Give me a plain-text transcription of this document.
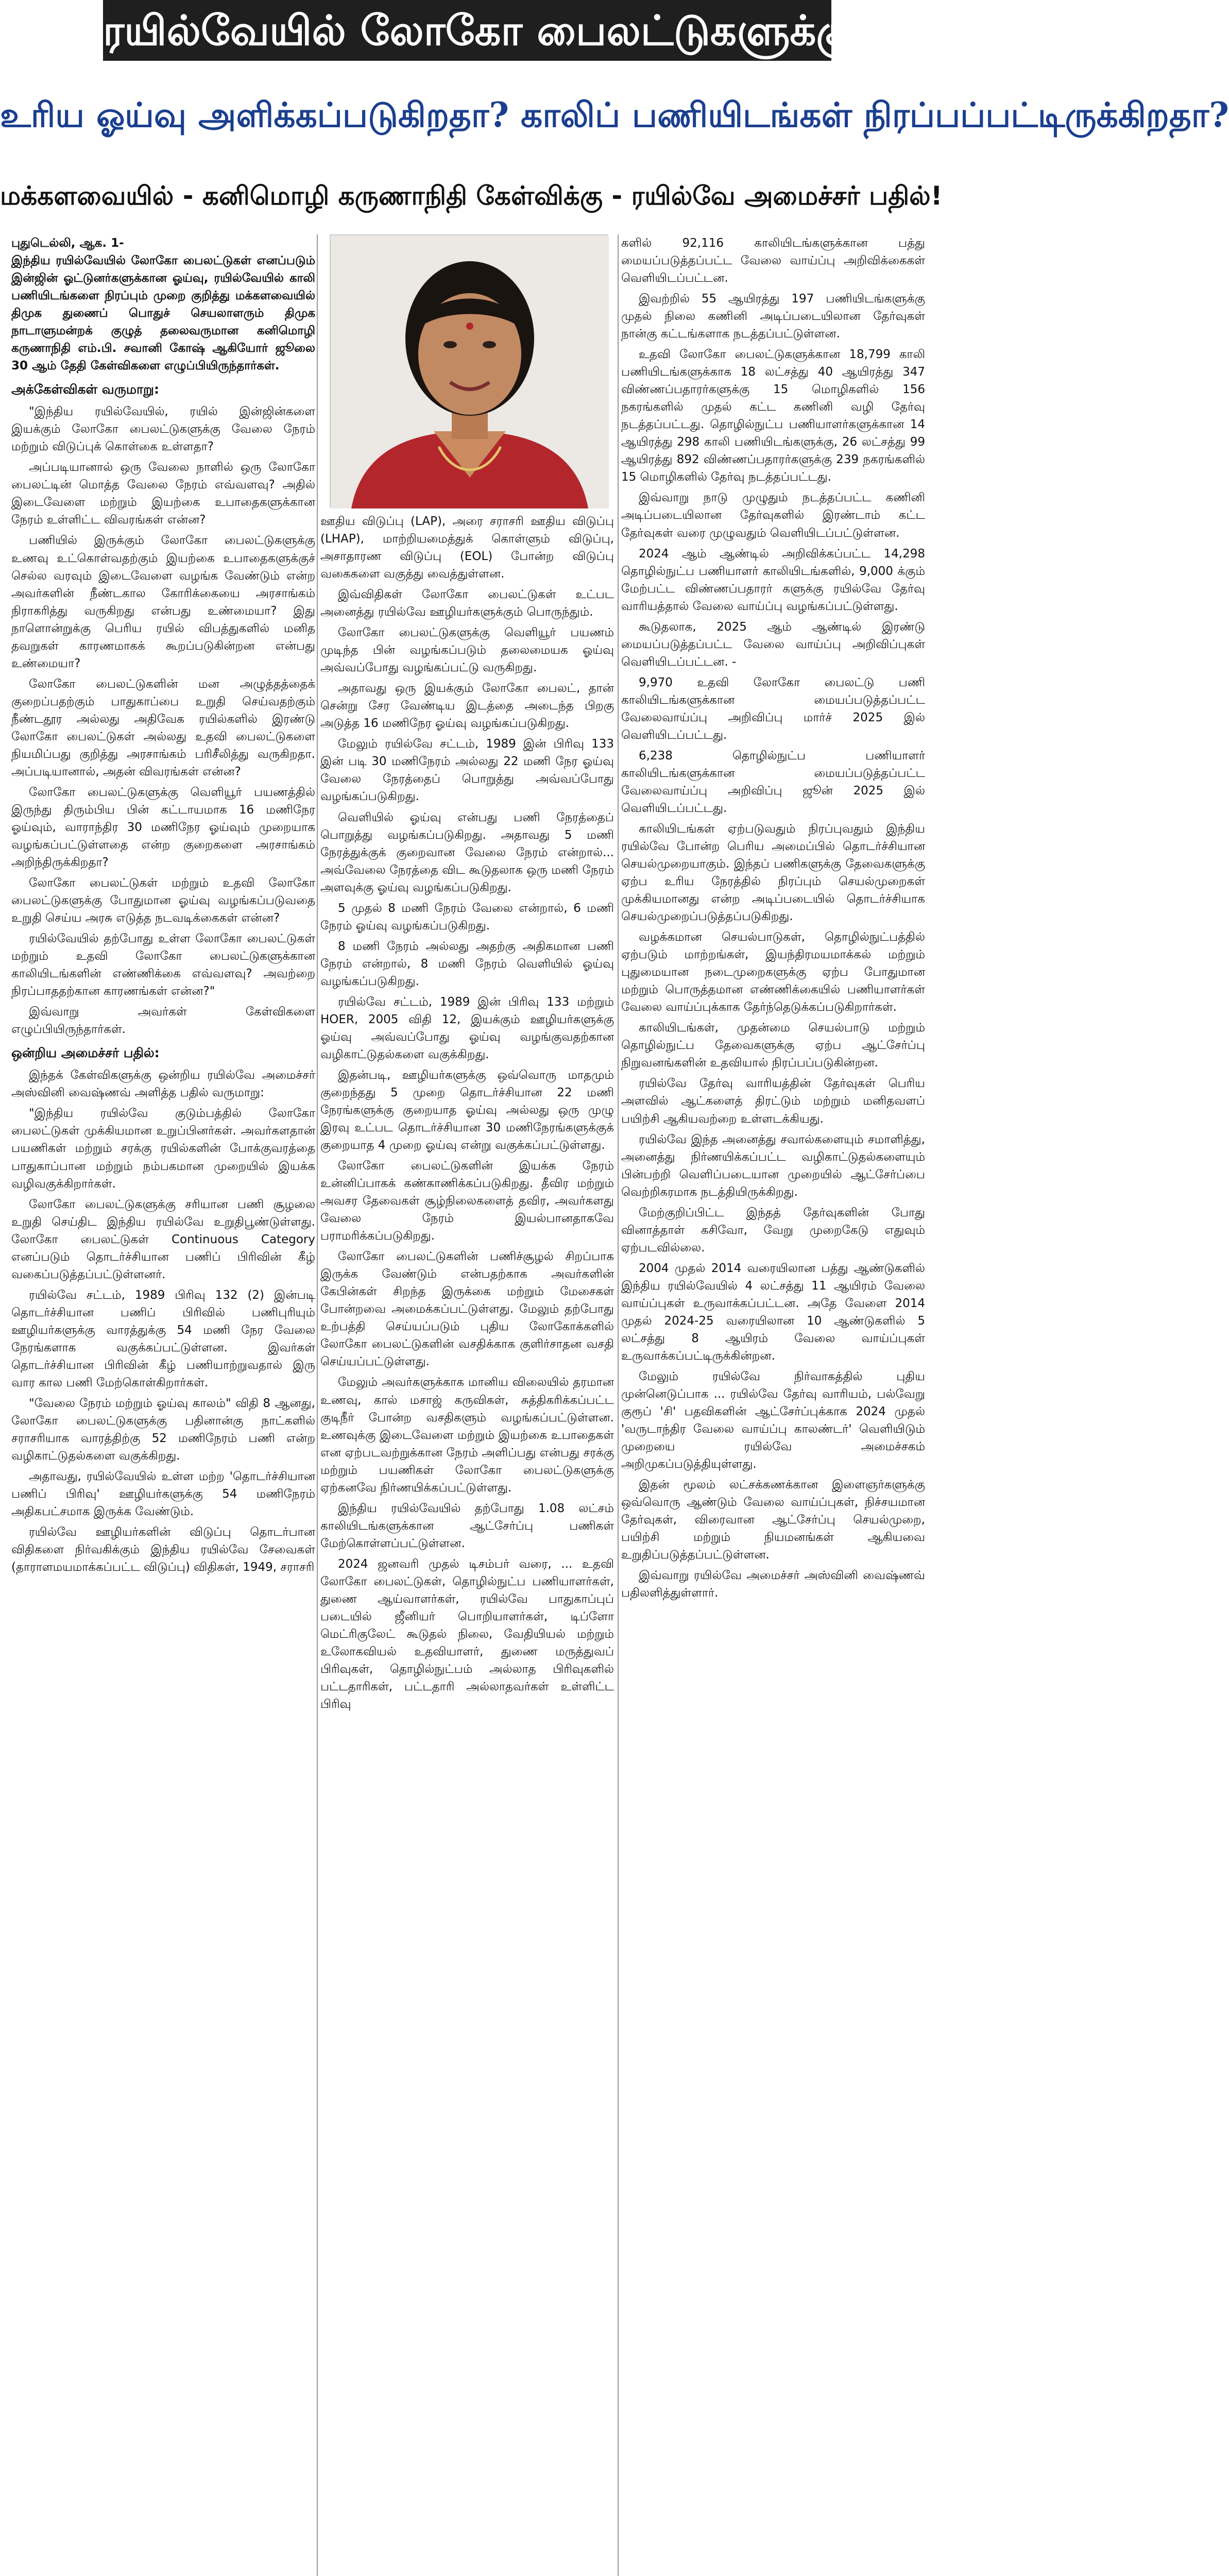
ரயில்வேயில் லோகோ பைலட்டுகளுக்கு
உரிய ஓய்வு அளிக்கப்படுகிறதா? காலிப் பணியிடங்கள் நிரப்பப்பட்டிருக்கிறதா?
மக்களவையில் - கனிமொழி கருணாநிதி கேள்விக்கு - ரயில்வே அமைச்சர் பதில்!

புதுடெல்லி, ஆக. 1-
இந்திய ரயில்வேயில் லோகோ பைலட்டுகள் எனப்படும் இன்ஜின் ஓட்டுனர்களுக்கான ஓய்வு, ரயில்வேயில் காலி பணியிடங்களை நிரப்பும் முறை குறித்து மக்களவையில் திமுக துணைப் பொதுச் செயலாளரும் திமுக நாடாளுமன்றக் குழுத் தலைவருமான கனிமொழி கருணாநிதி எம்.பி. சவானி கோஷ் ஆகியோர் ஜூலை 30 ஆம் தேதி கேள்விகளை எழுப்பியிருந்தார்கள்.

அக்கேள்விகள் வருமாறு:

"இந்திய ரயில்வேயில், ரயில் இன்ஜின்களை இயக்கும் லோகோ பைலட்டுகளுக்கு வேலை நேரம் மற்றும் விடுப்புக் கொள்கை உள்ளதா?

அப்படியானால் ஒரு வேலை நாளில் ஒரு லோகோ பைலட்டின் மொத்த வேலை நேரம் எவ்வளவு? அதில் இடைவேளை மற்றும் இயற்கை உபாதைகளுக்கான நேரம் உள்ளிட்ட விவரங்கள் என்ன?

பணியில் இருக்கும் லோகோ பைலட்டுகளுக்கு உணவு உட்கொள்வதற்கும் இயற்கை உபாதைகளுக்குச் செல்ல வரவும் இடைவேளை வழங்க வேண்டும் என்ற அவர்களின் நீண்டகால கோரிக்கையை அரசாங்கம் நிராகரித்து வருகிறது என்பது உண்மையா? இது நாளொன்றுக்கு பெரிய ரயில் விபத்துகளில் மனித தவறுகள் காரணமாகக் கூறப்படுகின்றன என்பது உண்மையா?

லோகோ பைலட்டுகளின் மன அழுத்தத்தைக் குறைப்பதற்கும் பாதுகாப்பை உறுதி செய்வதற்கும் நீண்டதூர அல்லது அதிவேக ரயில்களில் இரண்டு லோகோ பைலட்டுகள் அல்லது உதவி பைலட்டுகளை நியமிப்பது குறித்து அரசாங்கம் பரிசீலித்து வருகிறதா. அப்படியானால், அதன் விவரங்கள் என்ன?

லோகோ பைலட்டுகளுக்கு வெளியூர் பயணத்தில் இருந்து திரும்பிய பின் கட்டாயமாக 16 மணிநேர ஓய்வும், வாராந்திர 30 மணிநேர ஓய்வும் முறையாக வழங்கப்பட்டுள்ளதை என்ற குறைகளை அரசாங்கம் அறிந்திருக்கிறதா?

லோகோ பைலட்டுகள் மற்றும் உதவி லோகோ பைலட்டுகளுக்கு போதுமான ஓய்வு வழங்கப்படுவதை உறுதி செய்ய அரசு எடுத்த நடவடிக்கைகள் என்ன?

ரயில்வேயில் தற்போது உள்ள லோகோ பைலட்டுகள் மற்றும் உதவி லோகோ பைலட்டுகளுக்கான காலியிடங்களின் எண்ணிக்கை எவ்வளவு? அவற்றை நிரப்பாததற்கான காரணங்கள் என்ன?"

இவ்வாறு அவர்கள் கேள்விகளை எழுப்பியிருந்தார்கள்.

ஒன்றிய அமைச்சர் பதில்:

இந்தக் கேள்விகளுக்கு ஒன்றிய ரயில்வே அமைச்சர் அஸ்வினி வைஷ்ணவ் அளித்த பதில் வருமாறு:

"இந்திய ரயில்வே குடும்பத்தில் லோகோ பைலட்டுகள் முக்கியமான உறுப்பினர்கள். அவர்களதான் பயணிகள் மற்றும் சரக்கு ரயில்களின் போக்குவரத்தை பாதுகாப்பான மற்றும் நம்பகமான முறையில் இயக்க வழிவகுக்கிறார்கள்.

லோகோ பைலட்டுகளுக்கு சரியான பணி சூழலை உறுதி செய்திட இந்திய ரயில்வே உறுதிபூண்டுள்ளது. லோகோ பைலட்டுகள் Continuous Category எனப்படும் தொடர்ச்சியான பணிப் பிரிவின் கீழ் வகைப்படுத்தப்பட்டுள்ளனர்.

ரயில்வே சட்டம், 1989 பிரிவு 132 (2) இன்படி தொடர்ச்சியான பணிப் பிரிவில் பணிபுரியும் ஊழியர்களுக்கு வாரத்துக்கு 54 மணி நேர வேலை நேரங்களாக வகுக்கப்பட்டுள்ளன. இவர்கள் தொடர்ச்சியான பிரிவின் கீழ் பணியாற்றுவதால் இரு வார கால பணி மேற்கொள்கிறார்கள்.

"வேலை நேரம் மற்றும் ஓய்வு காலம்" விதி 8 ஆனது, லோகோ பைலட்டுகளுக்கு பதினான்கு நாட்களில் சராசரியாக வாரத்திற்கு 52 மணிநேரம் பணி என்ற வழிகாட்டுதல்களை வகுக்கிறது.

அதாவது, ரயில்வேயில் உள்ள மற்ற 'தொடர்ச்சியான பணிப் பிரிவு' ஊழியர்களுக்கு 54 மணிநேரம் அதிகபட்சமாக இருக்க வேண்டும்.

ரயில்வே ஊழியர்களின் விடுப்பு தொடர்பான விதிகளை நிர்வகிக்கும் இந்திய ரயில்வே சேவைகள் (தாராளமயமாக்கப்பட்ட விடுப்பு) விதிகள், 1949, சராசரி

ஊதிய விடுப்பு (LAP), அரை சராசரி ஊதிய விடுப்பு (LHAP), மாற்றியமைத்துக் கொள்ளும் விடுப்பு, அசாதாரண விடுப்பு (EOL) போன்ற விடுப்பு வகைகளை வகுத்து வைத்துள்ளன.

இவ்விதிகள் லோகோ பைலட்டுகள் உட்பட அனைத்து ரயில்வே ஊழியர்களுக்கும் பொருந்தும்.

லோகோ பைலட்டுகளுக்கு வெளியூர் பயணம் முடிந்த பின் வழங்கப்படும் தலைமையக ஓய்வு அவ்வப்போது வழங்கப்பட்டு வருகிறது.

அதாவது ஒரு இயக்கும் லோகோ பைலட், தான் சென்று சேர வேண்டிய இடத்தை அடைந்த பிறகு அடுத்த 16 மணிநேர ஓய்வு வழங்கப்படுகிறது.

மேலும் ரயில்வே சட்டம், 1989 இன் பிரிவு 133 இன் படி 30 மணிநேரம் அல்லது 22 மணி நேர ஓய்வு வேலை நேரத்தைப் பொறுத்து அவ்வப்போது வழங்கப்படுகிறது.

வெளியில் ஓய்வு என்பது பணி நேரத்தைப் பொறுத்து வழங்கப்படுகிறது. அதாவது 5 மணி நேரத்துக்குக் குறைவான வேலை நேரம் என்றால்... அவ்வேலை நேரத்தை விட கூடுதலாக ஒரு மணி நேரம் அளவுக்கு ஓய்வு வழங்கப்படுகிறது.

5 முதல் 8 மணி நேரம் வேலை என்றால், 6 மணி நேரம் ஓய்வு வழங்கப்படுகிறது.

8 மணி நேரம் அல்லது அதற்கு அதிகமான பணி நேரம் என்றால், 8 மணி நேரம் வெளியில் ஓய்வு வழங்கப்படுகிறது.

ரயில்வே சட்டம், 1989 இன் பிரிவு 133 மற்றும் HOER, 2005 விதி 12, இயக்கும் ஊழியர்களுக்கு ஓய்வு அவ்வப்போது ஓய்வு வழங்குவதற்கான வழிகாட்டுதல்களை வகுக்கிறது.

இதன்படி, ஊழியர்களுக்கு ஒவ்வொரு மாதமும் குறைந்தது 5 முறை தொடர்ச்சியான 22 மணி நேரங்களுக்கு குறையாத ஓய்வு அல்லது ஒரு முழு இரவு உட்பட தொடர்ச்சியான 30 மணிநேரங்களுக்குக் குறையாத 4 முறை ஓய்வு என்று வகுக்கப்பட்டுள்ளது.

லோகோ பைலட்டுகளின் இயக்க நேரம் உன்னிப்பாகக் கண்காணிக்கப்படுகிறது. தீவிர மற்றும் அவசர தேவைகள் சூழ்நிலைகளைத் தவிர, அவர்களது வேலை நேரம் இயல்பானதாகவே பராமரிக்கப்படுகிறது.

லோகோ பைலட்டுகளின் பணிச்சூழல் சிறப்பாக இருக்க வேண்டும் என்பதற்காக அவர்களின் கேபின்கள் சிறந்த இருக்கை மற்றும் மேசைகள் போன்றவை அமைக்கப்பட்டுள்ளது. மேலும் தற்போது உற்பத்தி செய்யப்படும் புதிய லோகோக்களில் லோகோ பைலட்டுகளின் வசதிக்காக குளிர்சாதன வசதி செய்யப்பட்டுள்ளது.

மேலும் அவர்களுக்காக மானிய விலையில் தரமான உணவு, கால் மசாஜ் கருவிகள், சுத்திகரிக்கப்பட்ட குடிநீர் போன்ற வசதிகளும் வழங்கப்பட்டுள்ளன. உணவுக்கு இடைவேளை மற்றும் இயற்கை உபாதைகள் என ஏற்படவற்றுக்கான நேரம் அளிப்பது என்பது சரக்கு மற்றும் பயணிகள் லோகோ பைலட்டுகளுக்கு ஏற்கனவே நிர்ணயிக்கப்பட்டுள்ளது.

இந்திய ரயில்வேயில் தற்போது 1.08 லட்சம் காலியிடங்களுக்கான ஆட்சேர்ப்பு பணிகள் மேற்கொள்ளப்பட்டுள்ளன.

2024 ஜனவரி முதல் டிசம்பர் வரை, ... உதவி லோகோ பைலட்டுகள், தொழில்நுட்ப பணியாளர்கள், துணை ஆய்வாளர்கள், ரயில்வே பாதுகாப்புப் படையில் ஜீனியர் பொறியாளர்கள், டிப்ளோ மெட்ரிகுலேட் கூடுதல் நிலை, வேதியியல் மற்றும் உலோகவியல் உதவியாளர், துணை மருத்துவப் பிரிவுகள், தொழில்நுட்பம் அல்லாத பிரிவுகளில் பட்டதாரிகள், பட்டதாரி அல்லாதவர்கள் உள்ளிட்ட பிரிவு

களில் 92,116 காலியிடங்களுக்கான பத்து மையப்படுத்தப்பட்ட வேலை வாய்ப்பு அறிவிக்கைகள் வெளியிடப்பட்டன.

இவற்றில் 55 ஆயிரத்து 197 பணியிடங்களுக்கு முதல் நிலை கணினி அடிப்படையிலான தேர்வுகள் நான்கு கட்டங்களாக நடத்தப்பட்டுள்ளன.

உதவி லோகோ பைலட்டுகளுக்கான 18,799 காலி பணியிடங்களுக்காக 18 லட்சத்து 40 ஆயிரத்து 347 விண்ணப்பதாரர்களுக்கு 15 மொழிகளில் 156 நகரங்களில் முதல் கட்ட கணினி வழி தேர்வு நடத்தப்பட்டது. தொழில்நுட்ப பணியாளர்களுக்கான 14 ஆயிரத்து 298 காலி பணியிடங்களுக்கு, 26 லட்சத்து 99 ஆயிரத்து 892 விண்ணப்பதாரர்களுக்கு 239 நகரங்களில் 15 மொழிகளில் தேர்வு நடத்தப்பட்டது.

இவ்வாறு நாடு முழுதும் நடத்தப்பட்ட கணினி அடிப்படையிலான தேர்வுகளில் இரண்டாம் கட்ட தேர்வுகள் வரை முழுவதும் வெளியிடப்பட்டுள்ளன.

2024 ஆம் ஆண்டில் அறிவிக்கப்பட்ட 14,298 தொழில்நுட்ப பணியாளர் காலியிடங்களில், 9,000 க்கும் மேற்பட்ட விண்ணப்பதாரர் களுக்கு ரயில்வே தேர்வு வாரியத்தால் வேலை வாய்ப்பு வழங்கப்பட்டுள்ளது.

கூடுதலாக, 2025 ஆம் ஆண்டில் இரண்டு மையப்படுத்தப்பட்ட வேலை வாய்ப்பு அறிவிப்புகள் வெளியிடப்பட்டன. -

9,970 உதவி லோகோ பைலட்டு பணி காலியிடங்களுக்கான மையப்படுத்தப்பட்ட வேலைவாய்ப்பு அறிவிப்பு மார்ச் 2025 இல் வெளியிடப்பட்டது.

6,238 தொழில்நுட்ப பணியாளர் காலியிடங்களுக்கான மையப்படுத்தப்பட்ட வேலைவாய்ப்பு அறிவிப்பு ஜூன் 2025 இல் வெளியிடப்பட்டது.

காலியிடங்கள் ஏற்படுவதும் நிரப்புவதும் இந்திய ரயில்வே போன்ற பெரிய அமைப்பில் தொடர்ச்சியான செயல்முறையாகும். இந்தப் பணிகளுக்கு தேவைகளுக்கு ஏற்ப உரிய நேரத்தில் நிரப்பும் செயல்முறைகள் முக்கியமானது என்ற அடிப்படையில் தொடர்ச்சியாக செயல்முறைப்படுத்தப்படுகிறது.

வழக்கமான செயல்பாடுகள், தொழில்நுட்பத்தில் ஏற்படும் மாற்றங்கள், இயந்திரமயமாக்கல் மற்றும் புதுமையான நடைமுறைகளுக்கு ஏற்ப போதுமான மற்றும் பொருத்தமான எண்ணிக்கையில் பணியாளர்கள் வேலை வாய்ப்புக்காக தேர்ந்தெடுக்கப்படுகிறார்கள்.

காலியிடங்கள், முதன்மை செயல்பாடு மற்றும் தொழில்நுட்ப தேவைகளுக்கு ஏற்ப ஆட்சேர்ப்பு நிறுவனங்களின் உதவியால் நிரப்பப்படுகின்றன.

ரயில்வே தேர்வு வாரியத்தின் தேர்வுகள் பெரிய அளவில் ஆட்களைத் திரட்டும் மற்றும் மனிதவளப் பயிற்சி ஆகியவற்றை உள்ளடக்கியது.

ரயில்வே இந்த அனைத்து சவால்களையும் சமாளித்து, அனைத்து நிர்ணயிக்கப்பட்ட வழிகாட்டுதல்களையும் பின்பற்றி வெளிப்படையான முறையில் ஆட்சேர்ப்பை வெற்றிகரமாக நடத்தியிருக்கிறது.

மேற்குறிப்பிட்ட இந்தத் தேர்வுகளின் போது வினாத்தாள் கசிவோ, வேறு முறைகேடு எதுவும் ஏற்படவில்லை.

2004 முதல் 2014 வரையிலான பத்து ஆண்டுகளில் இந்திய ரயில்வேயில் 4 லட்சத்து 11 ஆயிரம் வேலை வாய்ப்புகள் உருவாக்கப்பட்டன. அதே வேளை 2014 முதல் 2024-25 வரையிலான 10 ஆண்டுகளில் 5 லட்சத்து 8 ஆயிரம் வேலை வாய்ப்புகள் உருவாக்கப்பட்டிருக்கின்றன.

மேலும் ரயில்வே நிர்வாகத்தில் புதிய முன்னெடுப்பாக ... ரயில்வே தேர்வு வாரியம், பல்வேறு குரூப் 'சி' பதவிகளின் ஆட்சேர்ப்புக்காக 2024 முதல் 'வருடாந்திர வேலை வாய்ப்பு காலண்டர்' வெளியிடும் முறையை ரயில்வே அமைச்சகம் அறிமுகப்படுத்தியுள்ளது.

இதன் மூலம் லட்சக்கணக்கான இளைஞர்களுக்கு ஒவ்வொரு ஆண்டும் வேலை வாய்ப்புகள், நிச்சயமான தேர்வுகள், விரைவான ஆட்சேர்ப்பு செயல்முறை, பயிற்சி மற்றும் நியமனங்கள் ஆகியவை உறுதிப்படுத்தப்பட்டுள்ளன.

இவ்வாறு ரயில்வே அமைச்சர் அஸ்வினி வைஷ்ணவ் பதிலளித்துள்ளார்.
